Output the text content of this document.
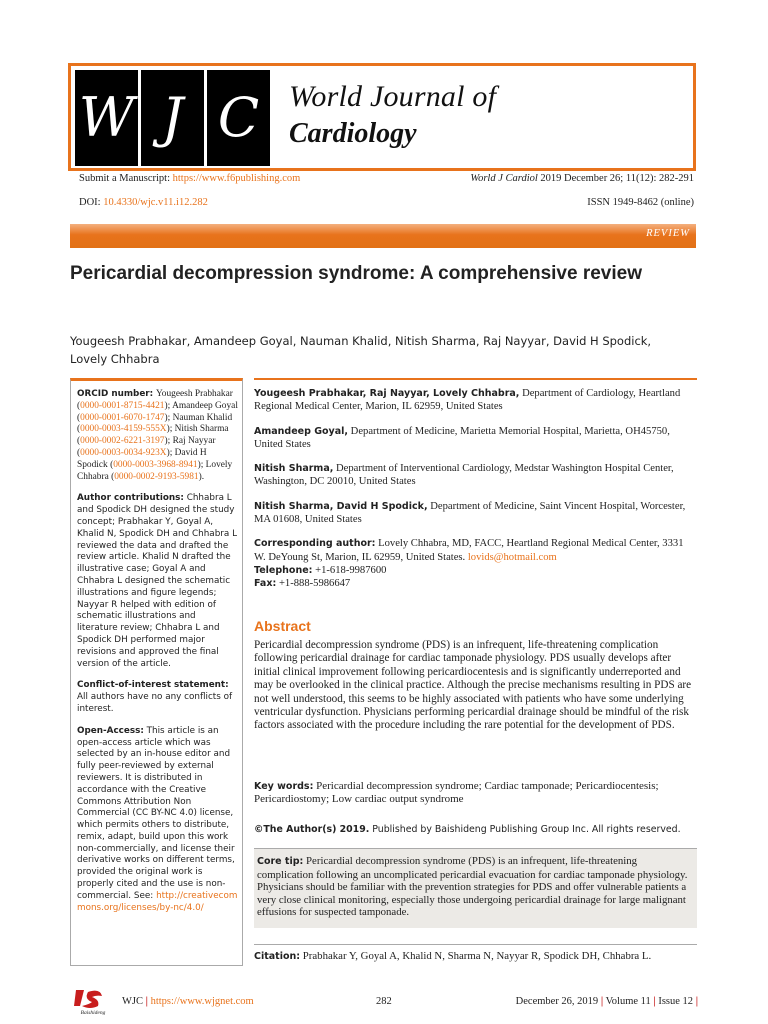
W J C World Journal of
Cardiology
Submit a Manuscript: https://www.f6publishing.com	World J Cardiol 2019 December 26; 11(12): 282-291
DOI: 10.4330/wjc.v11.i12.282	ISSN 1949-8462 (online)
REVIEW
Pericardial decompression syndrome: A comprehensive review
Yougeesh Prabhakar, Amandeep Goyal, Nauman Khalid, Nitish Sharma, Raj Nayyar, David H Spodick, Lovely Chhabra
ORCID number: Yougeesh Prabhakar (0000-0001-8715-4421); Amandeep Goyal (0000-0001-6070-1747); Nauman Khalid (0000-0003-4159-555X); Nitish Sharma (0000-0002-6221-3197); Raj Nayyar (0000-0003-0034-923X); David H Spodick (0000-0003-3968-8941); Lovely Chhabra (0000-0002-9193-5981).
Author contributions: Chhabra L and Spodick DH designed the study concept; Prabhakar Y, Goyal A, Khalid N, Spodick DH and Chhabra L reviewed the data and drafted the review article. Khalid N drafted the illustrative case; Goyal A and Chhabra L designed the schematic illustrations and figure legends; Nayyar R helped with edition of schematic illustrations and literature review; Chhabra L and Spodick DH performed major revisions and approved the final version of the article.
Conflict-of-interest statement: All authors have no any conflicts of interest.
Open-Access: This article is an open-access article which was selected by an in-house editor and fully peer-reviewed by external reviewers. It is distributed in accordance with the Creative Commons Attribution Non Commercial (CC BY-NC 4.0) license, which permits others to distribute, remix, adapt, build upon this work non-commercially, and license their derivative works on different terms, provided the original work is properly cited and the use is non-commercial. See: http://creativecommons.org/licenses/by-nc/4.0/
Yougeesh Prabhakar, Raj Nayyar, Lovely Chhabra, Department of Cardiology, Heartland Regional Medical Center, Marion, IL 62959, United States
Amandeep Goyal, Department of Medicine, Marietta Memorial Hospital, Marietta, OH45750, United States
Nitish Sharma, Department of Interventional Cardiology, Medstar Washington Hospital Center, Washington, DC 20010, United States
Nitish Sharma, David H Spodick, Department of Medicine, Saint Vincent Hospital, Worcester, MA 01608, United States
Corresponding author: Lovely Chhabra, MD, FACC, Heartland Regional Medical Center, 3331 W. DeYoung St, Marion, IL 62959, United States. lovids@hotmail.com
Telephone: +1-618-9987600
Fax: +1-888-5986647
Abstract
Pericardial decompression syndrome (PDS) is an infrequent, life-threatening complication following pericardial drainage for cardiac tamponade physiology. PDS usually develops after initial clinical improvement following pericardiocentesis and is significantly underreported and may be overlooked in the clinical practice. Although the precise mechanisms resulting in PDS are not well understood, this seems to be highly associated with patients who have some underlying ventricular dysfunction. Physicians performing pericardial drainage should be mindful of the risk factors associated with the procedure including the rare potential for the development of PDS.
Key words: Pericardial decompression syndrome; Cardiac tamponade; Pericardiocentesis; Pericardiostomy; Low cardiac output syndrome
©The Author(s) 2019. Published by Baishideng Publishing Group Inc. All rights reserved.
Core tip: Pericardial decompression syndrome (PDS) is an infrequent, life-threatening complication following an uncomplicated pericardial evacuation for cardiac tamponade physiology. Physicians should be familiar with the prevention strategies for PDS and offer vulnerable patients a very close clinical monitoring, especially those undergoing pericardial drainage for large malignant effusions for suspected tamponade.
Citation: Prabhakar Y, Goyal A, Khalid N, Sharma N, Nayyar R, Spodick DH, Chhabra L.
Baishideng
WJC | https://www.wjgnet.com	282	December 26, 2019 | Volume 11 | Issue 12 |
